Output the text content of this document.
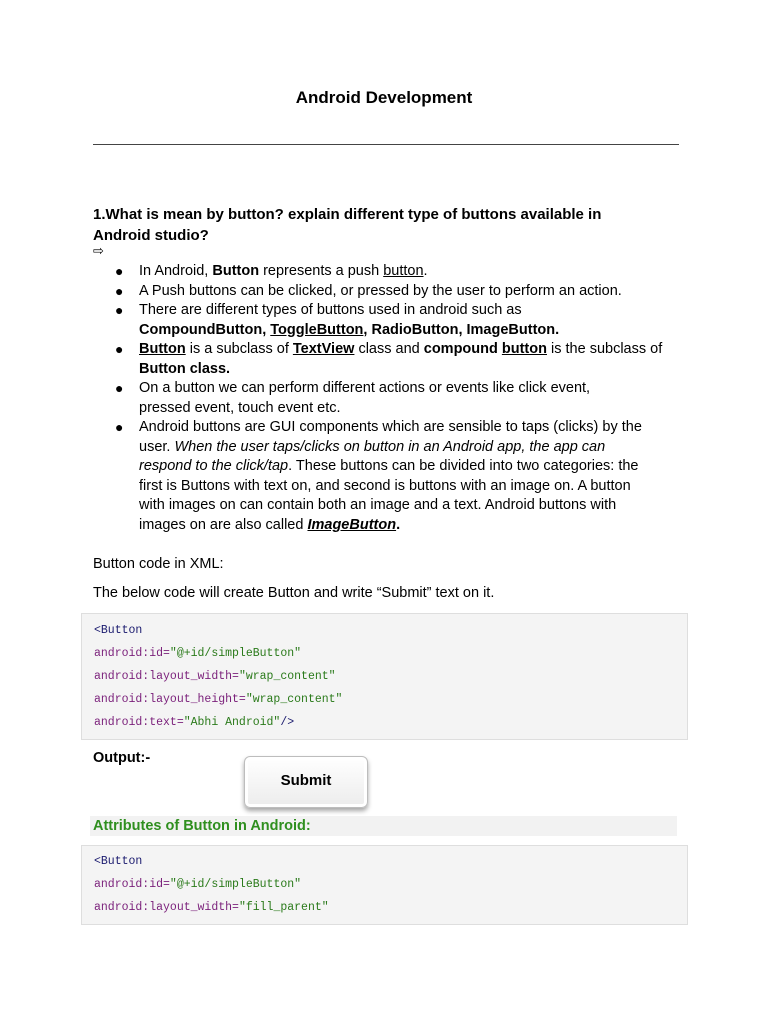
Android Development
1.What is mean by button? explain different type of buttons available in
Android studio?
⇨
● In Android, Button represents a push button.
● A Push buttons can be clicked, or pressed by the user to perform an action.
● There are different types of buttons used in android such as
CompoundButton, ToggleButton, RadioButton, ImageButton.
● Button is a subclass of TextView class and compound button is the subclass of
Button class.
● On a button we can perform different actions or events like click event,
pressed event, touch event etc.
● Android buttons are GUI components which are sensible to taps (clicks) by the
user. When the user taps/clicks on button in an Android app, the app can
respond to the click/tap. These buttons can be divided into two categories: the
first is Buttons with text on, and second is buttons with an image on. A button
with images on can contain both an image and a text. Android buttons with
images on are also called ImageButton.
Button code in XML:
The below code will create Button and write “Submit” text on it.
<Button
android:id="@+id/simpleButton"
android:layout_width="wrap_content"
android:layout_height="wrap_content"
android:text="Abhi Android"/>
Output:-
Submit
Attributes of Button in Android:
<Button
android:id="@+id/simpleButton"
android:layout_width="fill_parent"
